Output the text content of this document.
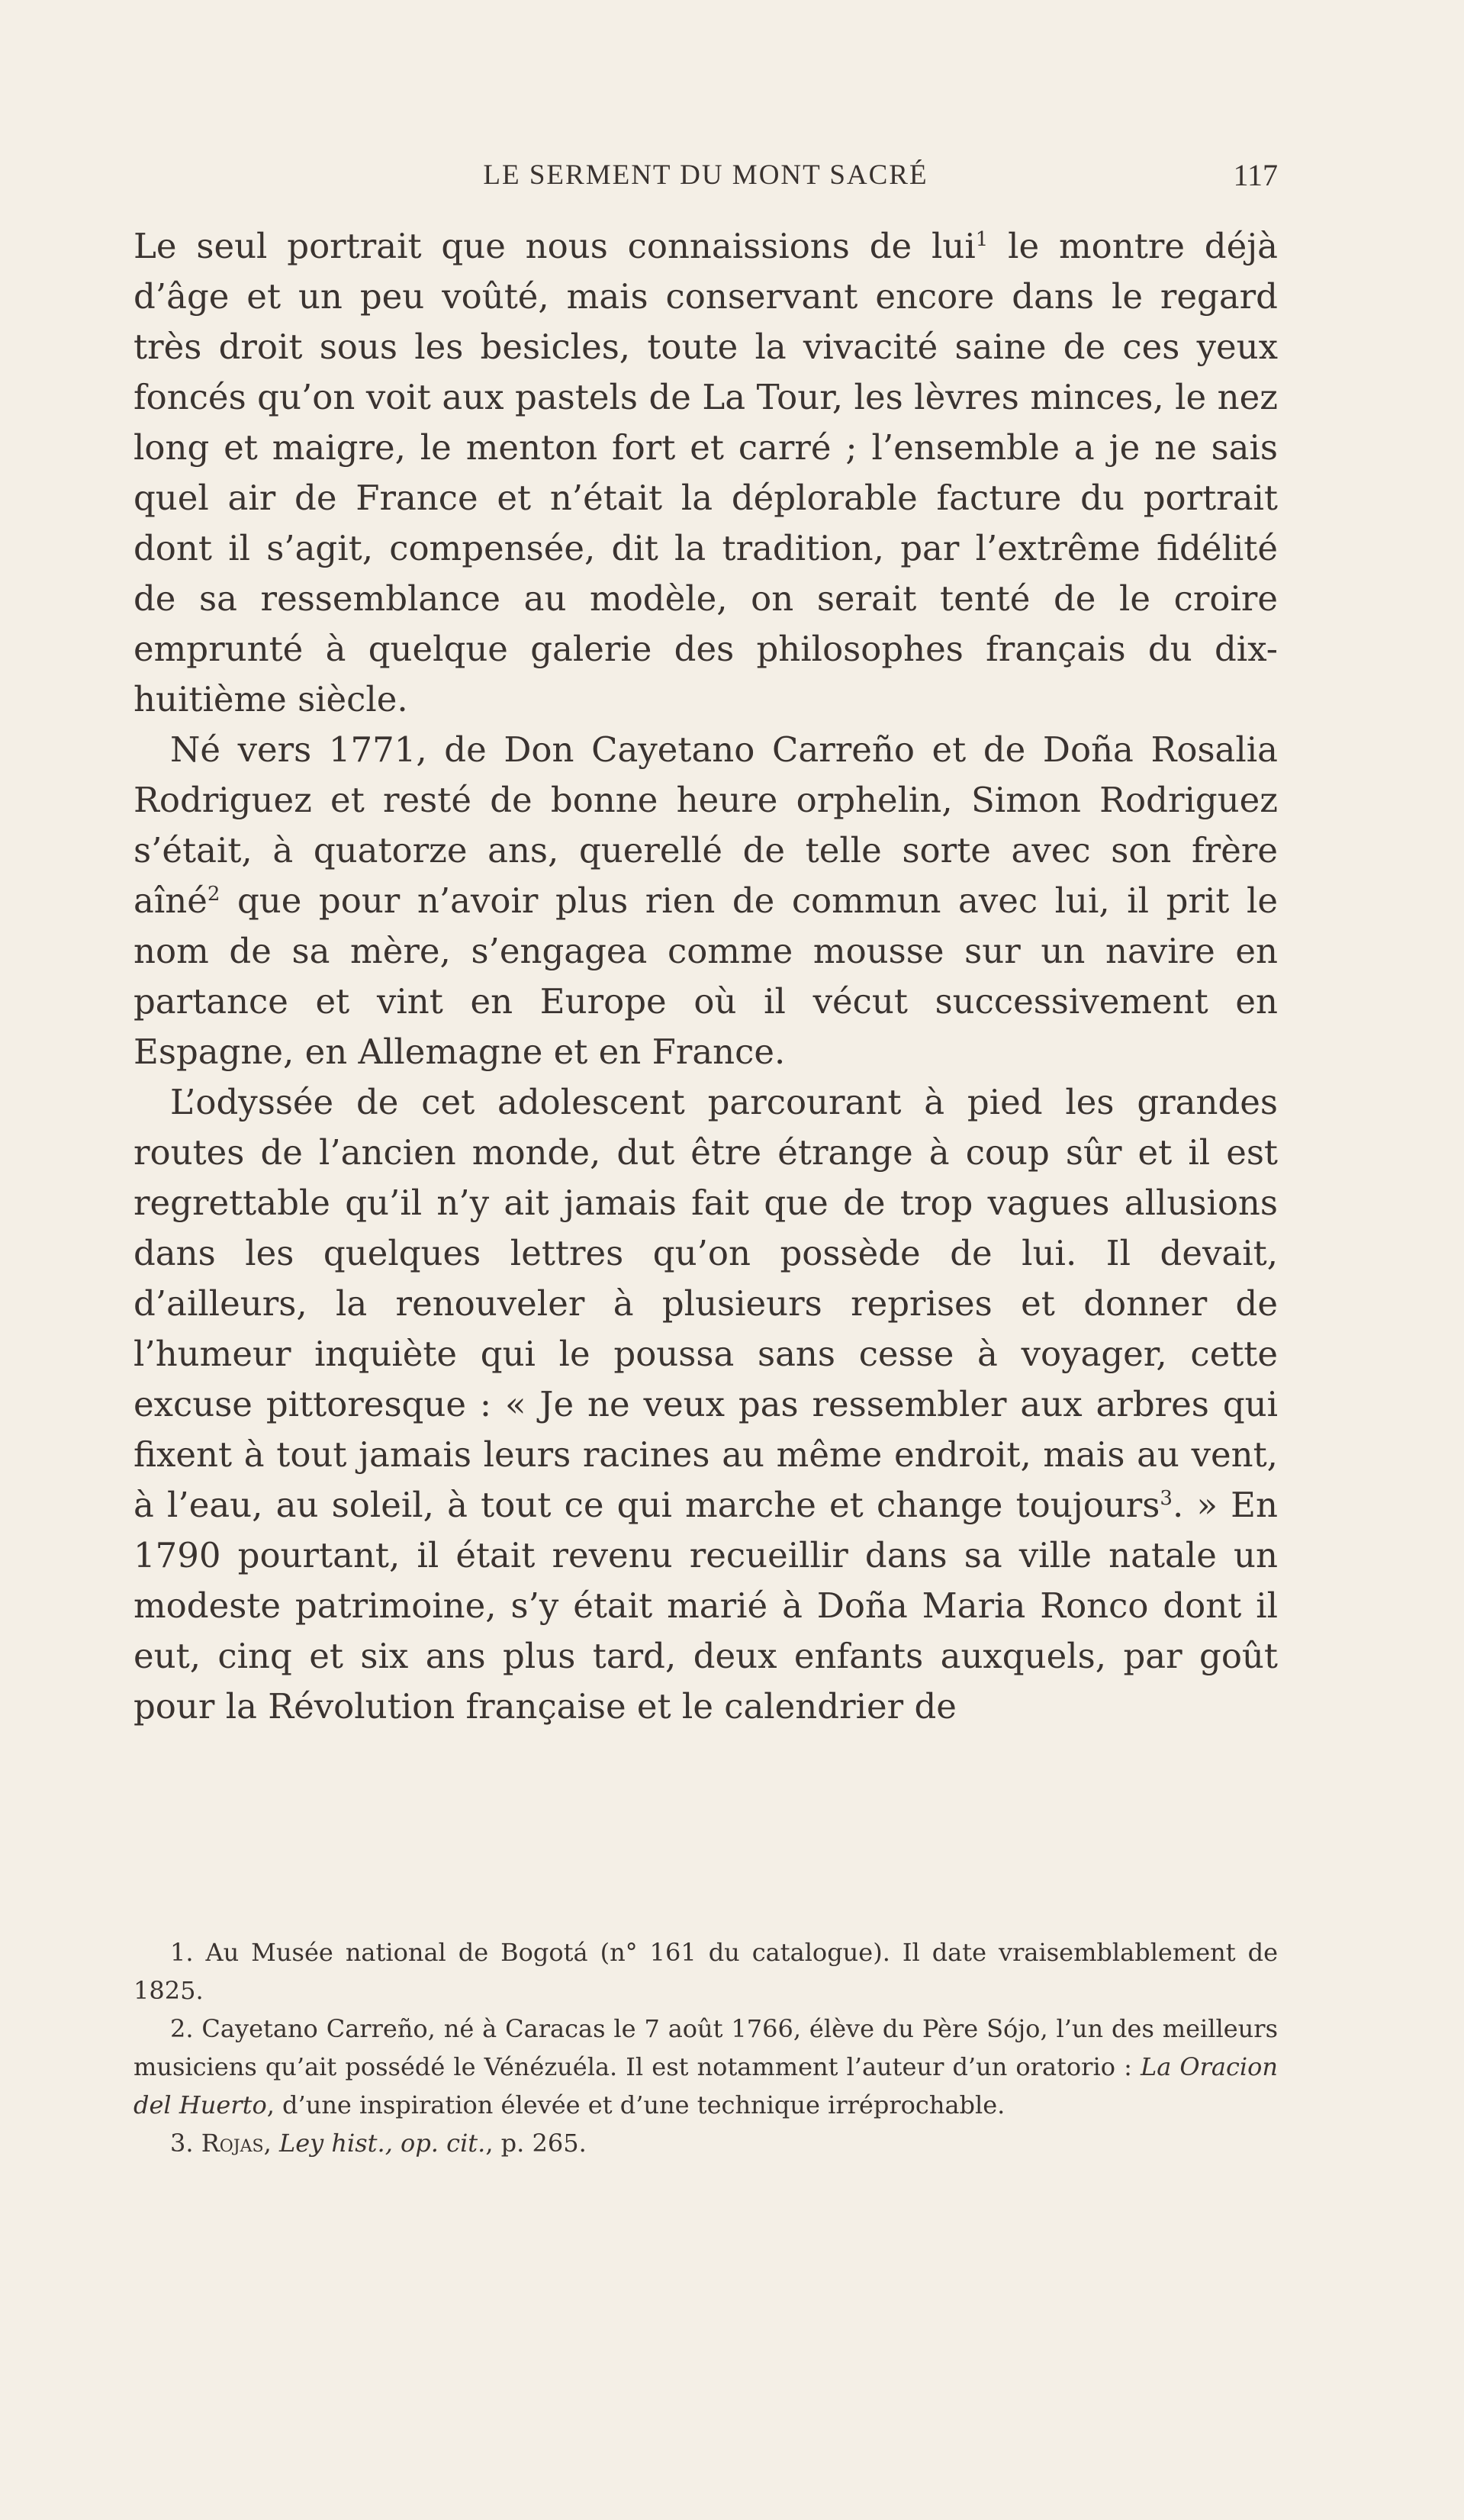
LE SERMENT DU MONT SACRÉ	117

Le seul portrait que nous connaissions de lui$^1$ le montre déjà d’âge et un peu voûté, mais conservant encore dans le regard très droit sous les besicles, toute la vivacité saine de ces yeux foncés qu’on voit aux pastels de La Tour, les lèvres minces, le nez long et maigre, le menton fort et carré ; l’ensemble a je ne sais quel air de France et n’était la déplorable facture du portrait dont il s’agit, compensée, dit la tradition, par l’extrême fidélité de sa ressemblance au modèle, on serait tenté de le croire emprunté à quelque galerie des philosophes français du dix-huitième siècle.

Né vers 1771, de Don Cayetano Carreño et de Doña Rosalia Rodriguez et resté de bonne heure orphelin, Simon Rodriguez s’était, à quatorze ans, querellé de telle sorte avec son frère aîné$^2$ que pour n’avoir plus rien de commun avec lui, il prit le nom de sa mère, s’engagea comme mousse sur un navire en partance et vint en Europe où il vécut successivement en Espagne, en Allemagne et en France.

L’odyssée de cet adolescent parcourant à pied les grandes routes de l’ancien monde, dut être étrange à coup sûr et il est regrettable qu’il n’y ait jamais fait que de trop vagues allusions dans les quelques lettres qu’on possède de lui. Il devait, d’ailleurs, la renouveler à plusieurs reprises et donner de l’humeur inquiète qui le poussa sans cesse à voyager, cette excuse pittoresque : « Je ne veux pas ressembler aux arbres qui fixent à tout jamais leurs racines au même endroit, mais au vent, à l’eau, au soleil, à tout ce qui marche et change toujours$^3$. » En 1790 pourtant, il était revenu recueillir dans sa ville natale un modeste patrimoine, s’y était marié à Doña Maria Ronco dont il eut, cinq et six ans plus tard, deux enfants auxquels, par goût pour la Révolution française et le calendrier de

1. Au Musée national de Bogotá (n° 161 du catalogue). Il date vraisemblablement de 1825.

2. Cayetano Carreño, né à Caracas le 7 août 1766, élève du Père Sójo, l’un des meilleurs musiciens qu’ait possédé le Vénézuéla. Il est notamment l’auteur d’un oratorio : La Oracion del Huerto, d’une inspiration élevée et d’une technique irréprochable.

3. Rojas, Ley hist., op. cit., p. 265.
